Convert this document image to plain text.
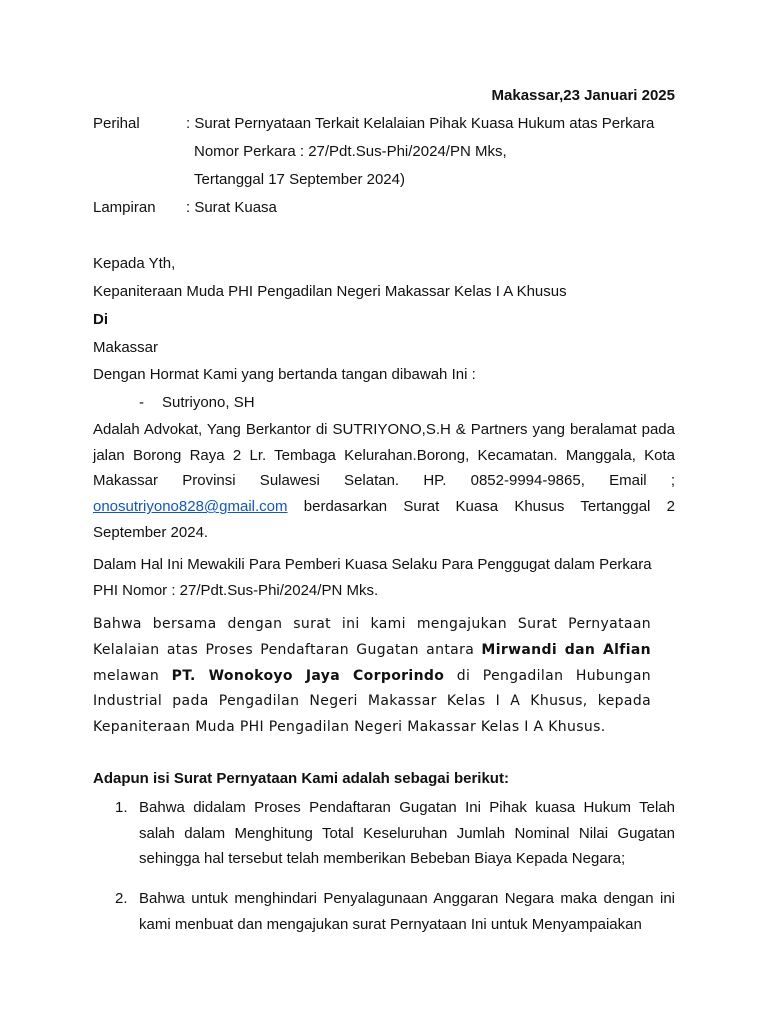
Makassar,23 Januari 2025
Perihal	: Surat Pernyataan Terkait Kelalaian Pihak Kuasa Hukum atas Perkara
Nomor Perkara : 27/Pdt.Sus-Phi/2024/PN Mks,
Tertanggal 17 September 2024)
Lampiran : Surat Kuasa
Kepada Yth,
Kepaniteraan Muda PHI Pengadilan Negeri Makassar Kelas I A Khusus
Di
Makassar
Dengan Hormat Kami yang bertanda tangan dibawah Ini :
- Sutriyono, SH
Adalah Advokat, Yang Berkantor di SUTRIYONO,S.H & Partners yang beralamat pada jalan Borong Raya 2 Lr. Tembaga Kelurahan.Borong, Kecamatan. Manggala, Kota Makassar Provinsi Sulawesi Selatan. HP. 0852-9994-9865, Email ; onosutriyono828@gmail.com berdasarkan Surat Kuasa Khusus Tertanggal 2 September 2024.
Dalam Hal Ini Mewakili Para Pemberi Kuasa Selaku Para Penggugat dalam Perkara PHI Nomor : 27/Pdt.Sus-Phi/2024/PN Mks.
Bahwa bersama dengan surat ini kami mengajukan Surat Pernyataan Kelalaian atas Proses Pendaftaran Gugatan antara Mirwandi dan Alfian melawan PT. Wonokoyo Jaya Corporindo di Pengadilan Hubungan Industrial pada Pengadilan Negeri Makassar Kelas I A Khusus, kepada Kepaniteraan Muda PHI Pengadilan Negeri Makassar Kelas I A Khusus.
Adapun isi Surat Pernyataan Kami adalah sebagai berikut:
1. Bahwa didalam Proses Pendaftaran Gugatan Ini Pihak kuasa Hukum Telah salah dalam Menghitung Total Keseluruhan Jumlah Nominal Nilai Gugatan sehingga hal tersebut telah memberikan Bebeban Biaya Kepada Negara;
2. Bahwa untuk menghindari Penyalagunaan Anggaran Negara maka dengan ini kami menbuat dan mengajukan surat Pernyataan Ini untuk Menyampaiakan
